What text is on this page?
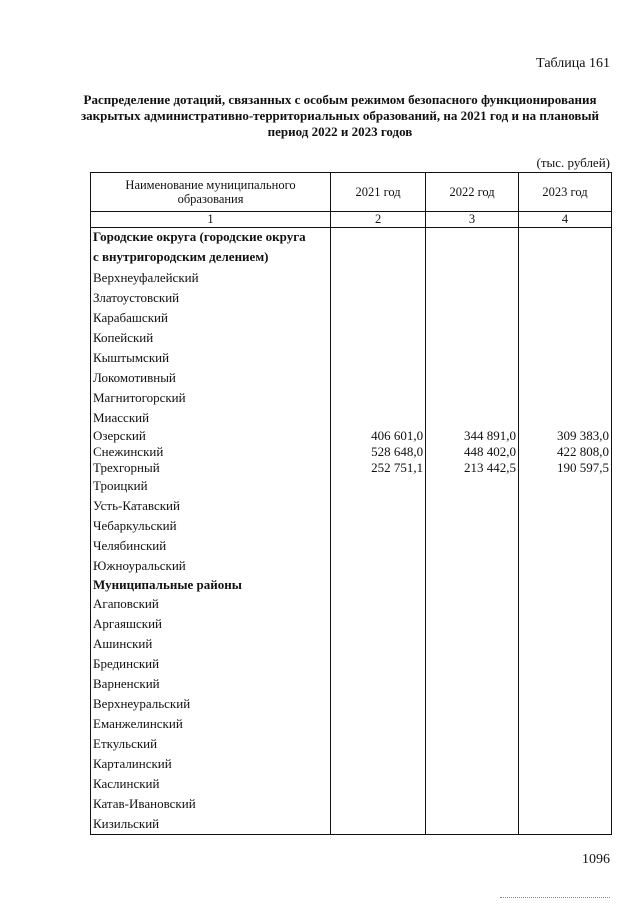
Таблица 161
Распределение дотаций, связанных с особым режимом безопасного функционирования закрытых административно-территориальных образований, на 2021 год и на плановый период 2022 и 2023 годов
(тыс. рублей)
Наименование муниципального образования	2021 год	2022 год	2023 год
1	2	3	4
Городские округа (городские округа			
с внутригородским делением)			
Верхнеуфалейский			
Златоустовский			
Карабашский			
Копейский			
Кыштымский			
Локомотивный			
Магнитогорский			
Миасский			
Озерский	406 601,0	344 891,0	309 383,0
Снежинский	528 648,0	448 402,0	422 808,0
Трехгорный	252 751,1	213 442,5	190 597,5
Троицкий			
Усть-Катавский			
Чебаркульский			
Челябинский			
Южноуральский			
Муниципальные районы			
Агаповский			
Аргаяшский			
Ашинский			
Брединский			
Варненский			
Верхнеуральский			
Еманжелинский			
Еткульский			
Карталинский			
Каслинский			
Катав-Ивановский			
Кизильский			
1096
